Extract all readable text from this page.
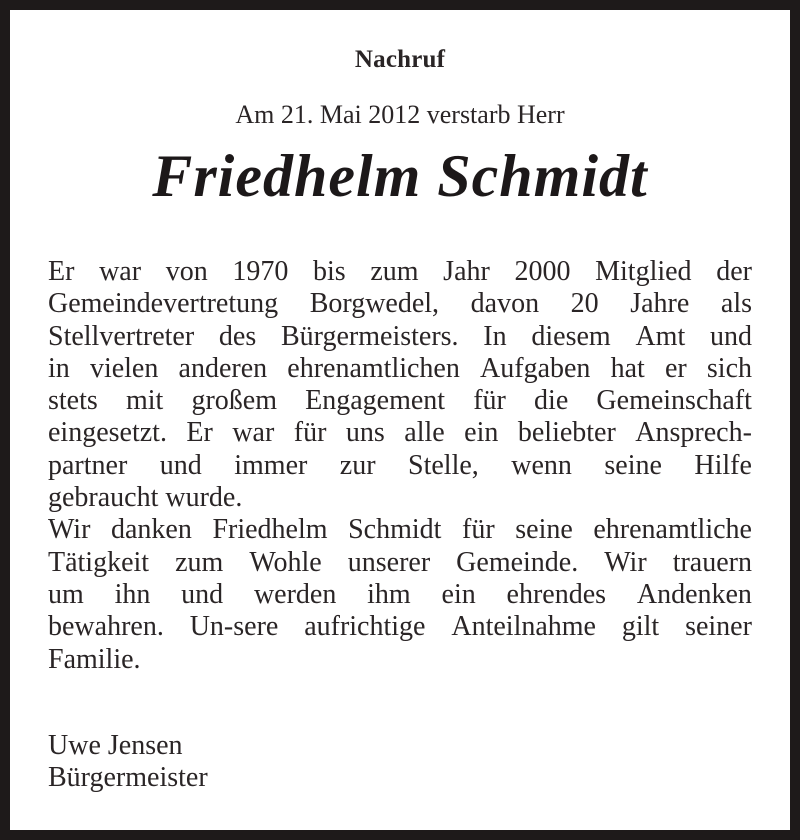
Nachruf
Am 21. Mai 2012 verstarb Herr
Friedhelm Schmidt
Er war von 1970 bis zum Jahr 2000 Mitglied der
Gemeindevertretung Borgwedel, davon 20 Jahre als
Stellvertreter des Bürgermeisters. In diesem Amt und
in vielen anderen ehrenamtlichen Aufgaben hat er sich
stets mit großem Engagement für die Gemeinschaft
eingesetzt. Er war für uns alle ein beliebter Ansprech-
partner und immer zur Stelle, wenn seine Hilfe
gebraucht wurde.
Wir danken Friedhelm Schmidt für seine ehrenamtliche
Tätigkeit zum Wohle unserer Gemeinde. Wir trauern
um ihn und werden ihm ein ehrendes Andenken
bewahren. Un-sere aufrichtige Anteilnahme gilt seiner
Familie.
Uwe Jensen
Bürgermeister
